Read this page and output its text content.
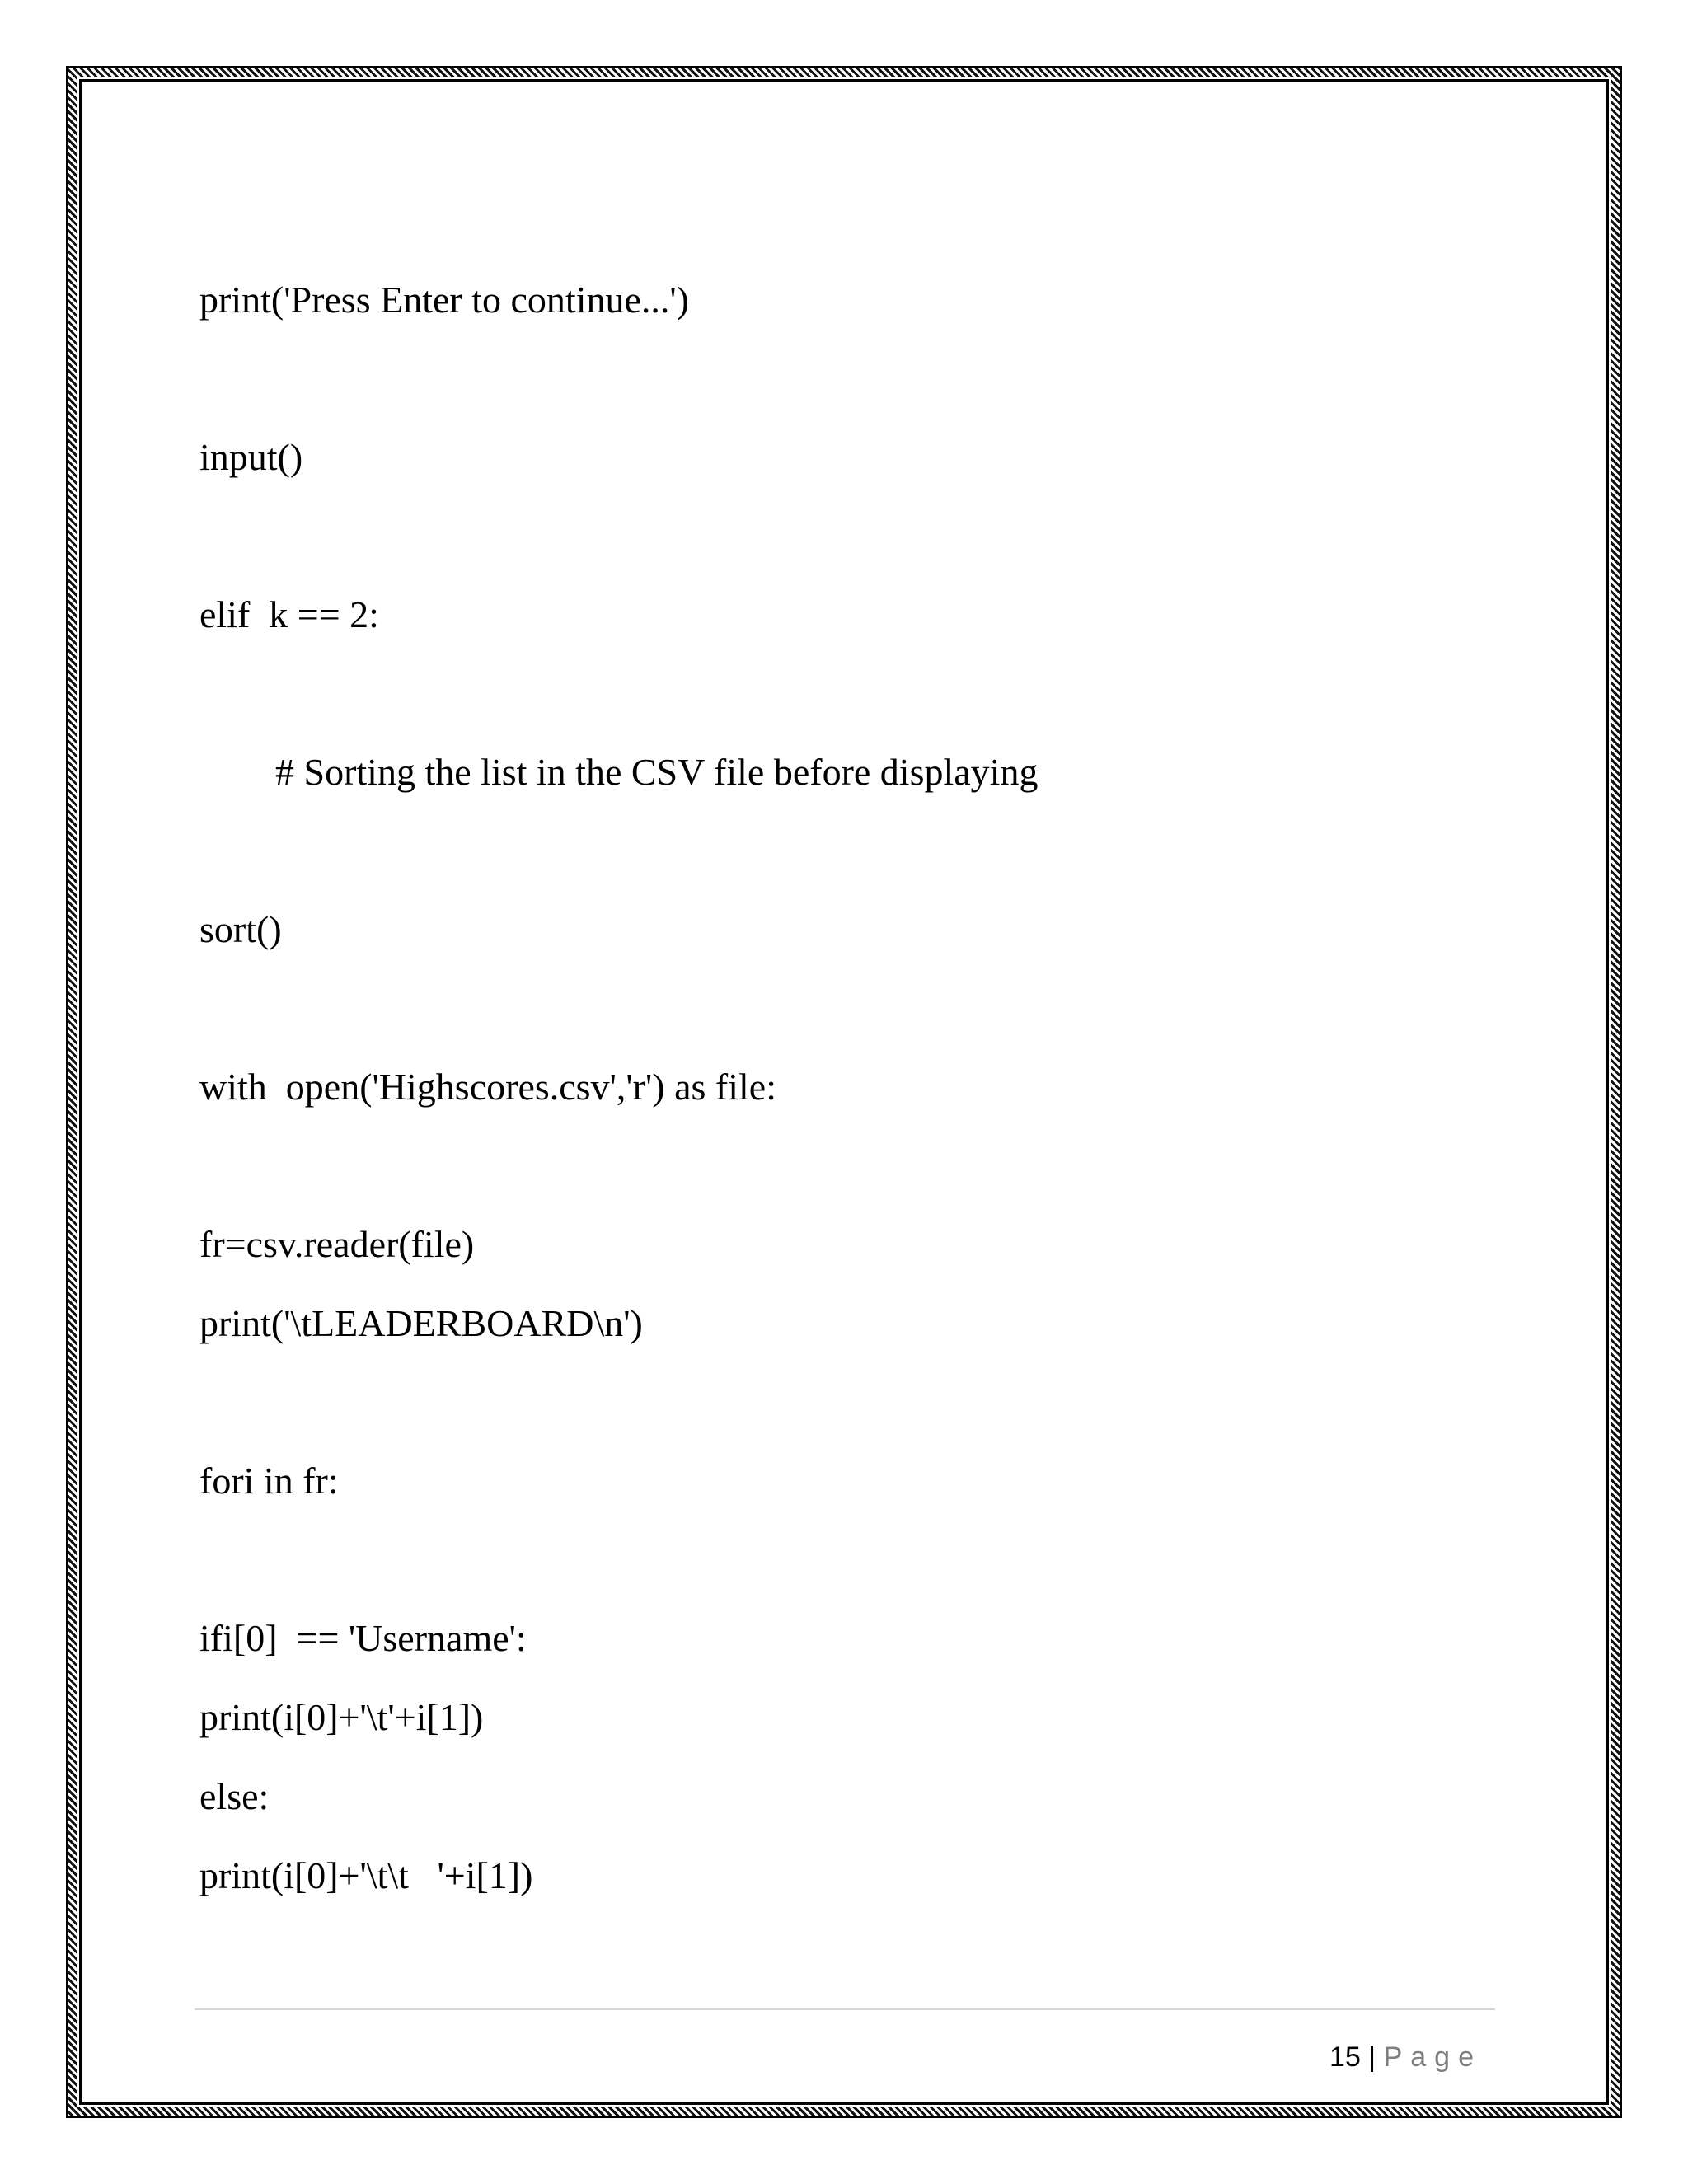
print('Press Enter to continue...')

input()

elif  k == 2:

# Sorting the list in the CSV file before displaying

sort()

with  open('Highscores.csv','r') as file:

fr=csv.reader(file)

print('\tLEADERBOARD\n')

fori in fr:

ifi[0]  == 'Username':

print(i[0]+'\t'+i[1])

else:

print(i[0]+'\t\t   '+i[1])

15 | Page
